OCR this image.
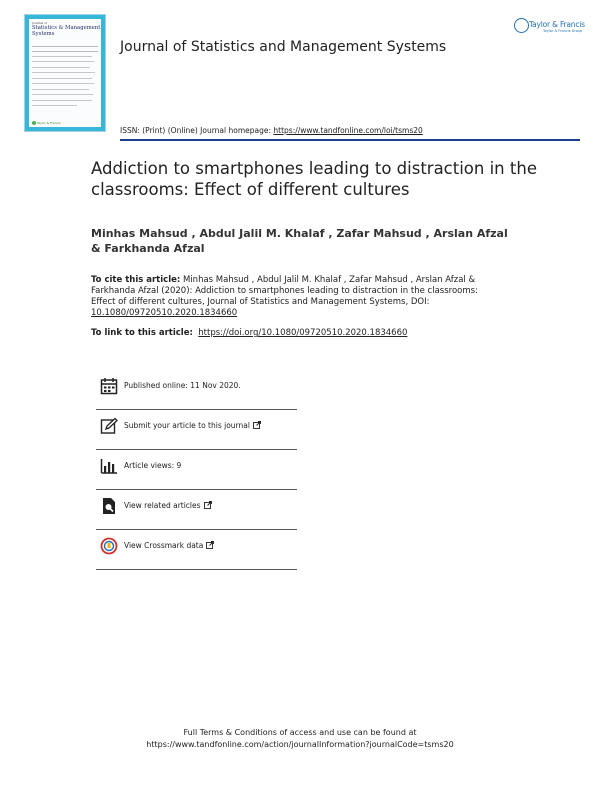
Journal of
Statistics & Management Systems
Taylor & Francis
Journal of Statistics and Management Systems
Taylor & Francis
Taylor & Francis Group
ISSN: (Print) (Online) Journal homepage: https://www.tandfonline.com/loi/tsms20
Addiction to smartphones leading to distraction in the classrooms: Effect of different cultures
Minhas Mahsud , Abdul Jalil M. Khalaf , Zafar Mahsud , Arslan Afzal & Farkhanda Afzal
To cite this article: Minhas Mahsud , Abdul Jalil M. Khalaf , Zafar Mahsud , Arslan Afzal & Farkhanda Afzal (2020): Addiction to smartphones leading to distraction in the classrooms: Effect of different cultures, Journal of Statistics and Management Systems, DOI: 10.1080/09720510.2020.1834660
To link to this article: https://doi.org/10.1080/09720510.2020.1834660
Published online: 11 Nov 2020.
Submit your article to this journal
Article views: 9
View related articles
View Crossmark data
Full Terms & Conditions of access and use can be found at
https://www.tandfonline.com/action/journalInformation?journalCode=tsms20
